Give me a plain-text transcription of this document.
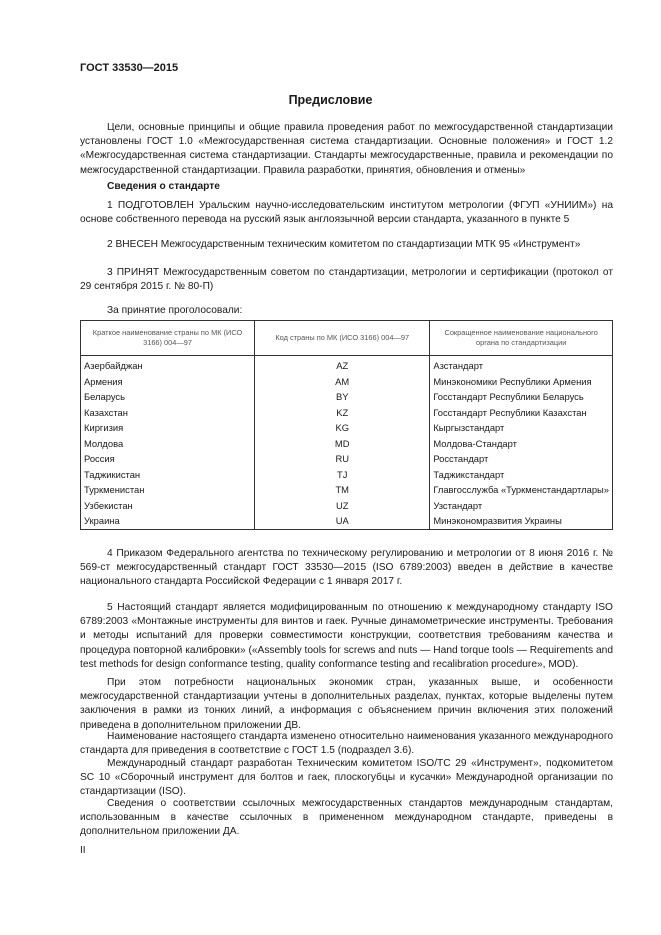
ГОСТ 33530—2015
Предисловие
Цели, основные принципы и общие правила проведения работ по межгосударственной стандартизации установлены ГОСТ 1.0 «Межгосударственная система стандартизации. Основные положения» и ГОСТ 1.2 «Межгосударственная система стандартизации. Стандарты межгосударственные, правила и рекомендации по межгосударственной стандартизации. Правила разработки, принятия, обновления и отмены»
Сведения о стандарте
1 ПОДГОТОВЛЕН Уральским научно-исследовательским институтом метрологии (ФГУП «УНИИМ») на основе собственного перевода на русский язык англоязычной версии стандарта, указанного в пункте 5
2 ВНЕСЕН Межгосударственным техническим комитетом по стандартизации МТК 95 «Инструмент»
3 ПРИНЯТ Межгосударственным советом по стандартизации, метрологии и сертификации (протокол от 29 сентября 2015 г. № 80-П)
За принятие проголосовали:
Краткое наименование страны по МК (ИСО 3166) 004—97	Код страны по МК (ИСО 3166) 004—97	Сокращенное наименование национального органа по стандартизации
Азербайджан	AZ	Азстандарт
Армения	AM	Минэкономики Республики Армения
Беларусь	BY	Госстандарт Республики Беларусь
Казахстан	KZ	Госстандарт Республики Казахстан
Киргизия	KG	Кыргызстандарт
Молдова	MD	Молдова-Стандарт
Россия	RU	Росстандарт
Таджикистан	TJ	Таджикстандарт
Туркменистан	TM	Главгосслужба «Туркменстандартлары»
Узбекистан	UZ	Узстандарт
Украина	UA	Минэкономразвития Украины
4 Приказом Федерального агентства по техническому регулированию и метрологии от 8 июня 2016 г. № 569-ст межгосударственный стандарт ГОСТ 33530—2015 (ISO 6789:2003) введен в действие в качестве национального стандарта Российской Федерации с 1 января 2017 г.
5 Настоящий стандарт является модифицированным по отношению к международному стандарту ISO 6789:2003 «Монтажные инструменты для винтов и гаек. Ручные динамометрические инструменты. Требования и методы испытаний для проверки совместимости конструкции, соответствия требованиям качества и процедура повторной калибровки» («Assembly tools for screws and nuts — Hand torque tools — Requirements and test methods for design conformance testing, quality conformance testing and recalibration procedure», MOD).
При этом потребности национальных экономик стран, указанных выше, и особенности межгосударственной стандартизации учтены в дополнительных разделах, пунктах, которые выделены путем заключения в рамки из тонких линий, а информация с объяснением причин включения этих положений приведена в дополнительном приложении ДВ.
Наименование настоящего стандарта изменено относительно наименования указанного международного стандарта для приведения в соответствие с ГОСТ 1.5 (подраздел 3.6).
Международный стандарт разработан Техническим комитетом ISO/TC 29 «Инструмент», подкомитетом SC 10 «Сборочный инструмент для болтов и гаек, плоскогубцы и кусачки» Международной организации по стандартизации (ISO).
Сведения о соответствии ссылочных межгосударственных стандартов международным стандартам, использованным в качестве ссылочных в примененном международном стандарте, приведены в дополнительном приложении ДА.
II
